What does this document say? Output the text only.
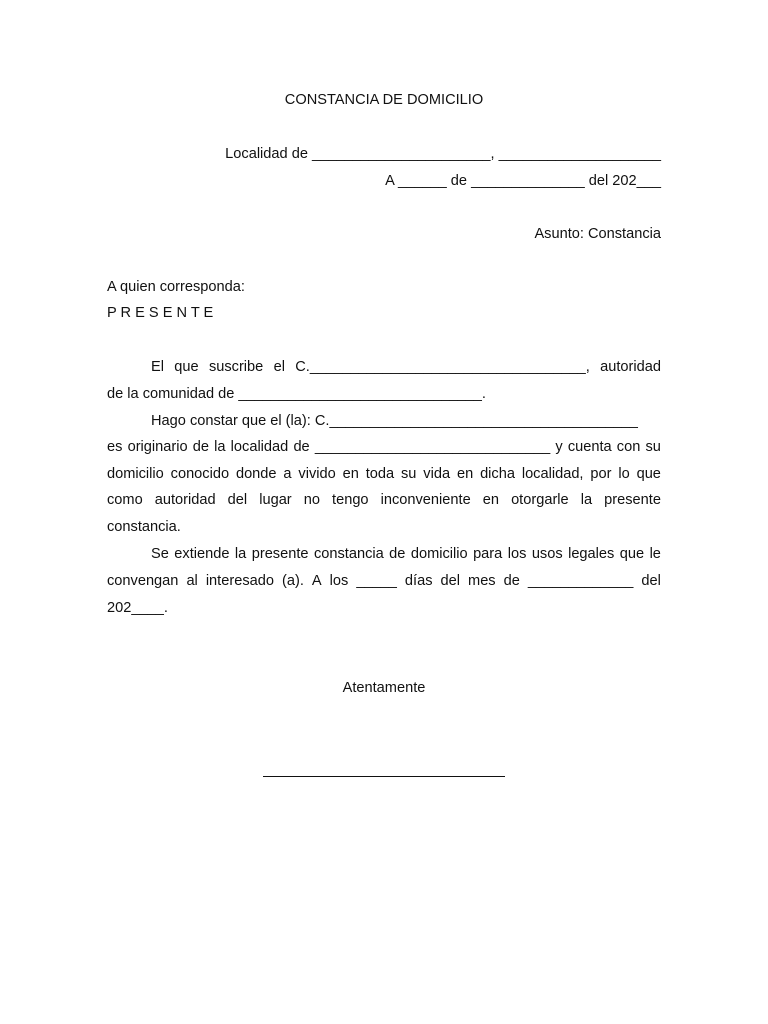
CONSTANCIA DE DOMICILIO
Localidad de ______________________, ____________________
A ______ de ______________ del 202___
Asunto: Constancia
A quien corresponda:
P R E S E N T E
El que suscribe el C.__________________________________, autoridad
de la comunidad de ______________________________.
Hago constar que el (la): C.______________________________________
es originario de la localidad de _____________________________ y cuenta con su
domicilio conocido donde a vivido en toda su vida en dicha localidad, por lo que
como autoridad del lugar no tengo inconveniente en otorgarle la presente
constancia.
Se extiende la presente constancia de domicilio para los usos legales que le
convengan al interesado (a). A los _____ días del mes de _____________ del
202____.
Atentamente
